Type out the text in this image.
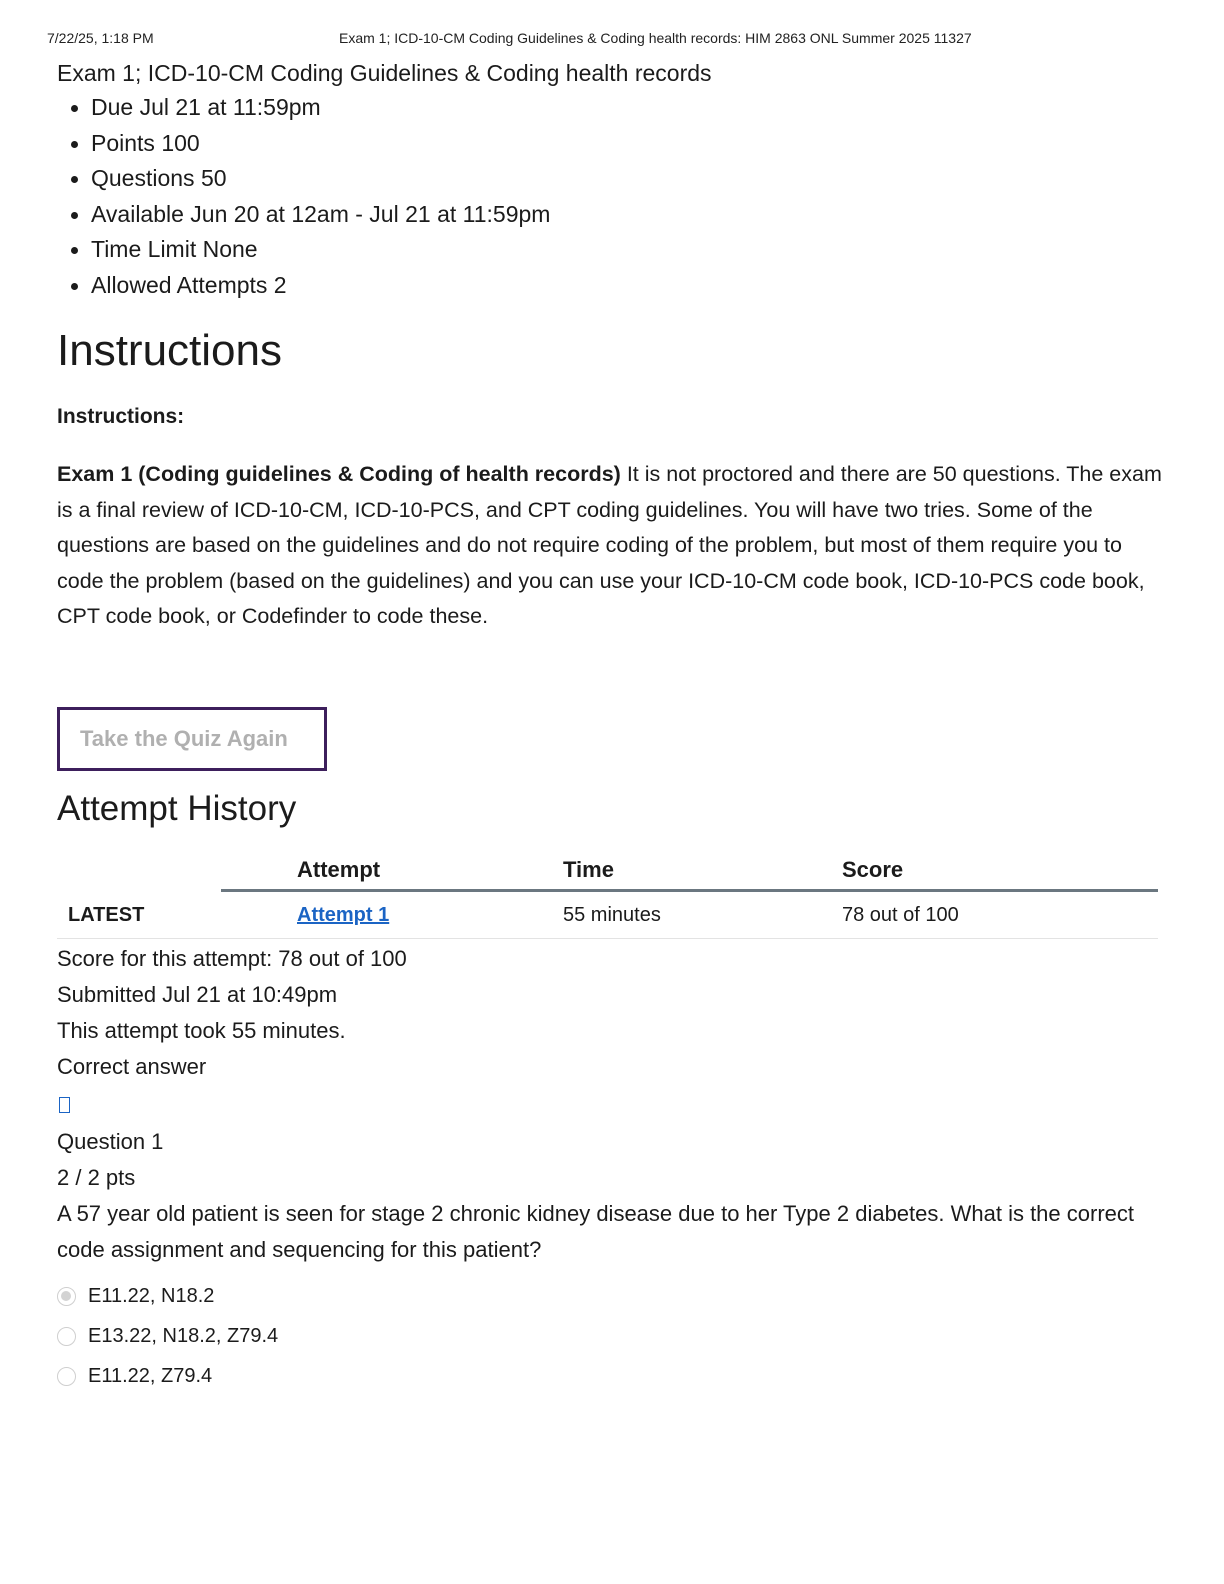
7/22/25, 1:18 PM	Exam 1; ICD-10-CM Coding Guidelines & Coding health records: HIM 2863 ONL Summer 2025 11327
Exam 1; ICD-10-CM Coding Guidelines & Coding health records
Due Jul 21 at 11:59pm
Points 100
Questions 50
Available Jun 20 at 12am - Jul 21 at 11:59pm
Time Limit None
Allowed Attempts 2
Instructions
Instructions:

Exam 1 (Coding guidelines & Coding of health records) It is not proctored and there are 50 questions. The exam is a final review of ICD-10-CM, ICD-10-PCS, and CPT coding guidelines. You will have two tries. Some of the questions are based on the guidelines and do not require coding of the problem, but most of them require you to code the problem (based on the guidelines) and you can use your ICD-10-CM code book, ICD-10-PCS code book, CPT code book, or Codefinder to code these.

Take the Quiz Again
Attempt History
		Attempt	Time	Score
LATEST		Attempt 1	55 minutes	78 out of 100

Score for this attempt: 78 out of 100

Submitted Jul 21 at 10:49pm

This attempt took 55 minutes.

Correct answer

Question 1
2 / 2 pts
A 57 year old patient is seen for stage 2 chronic kidney disease due to her Type 2 diabetes. What is the correct code assignment and sequencing for this patient?
E11.22, N18.2
E13.22, N18.2, Z79.4
E11.22, Z79.4
